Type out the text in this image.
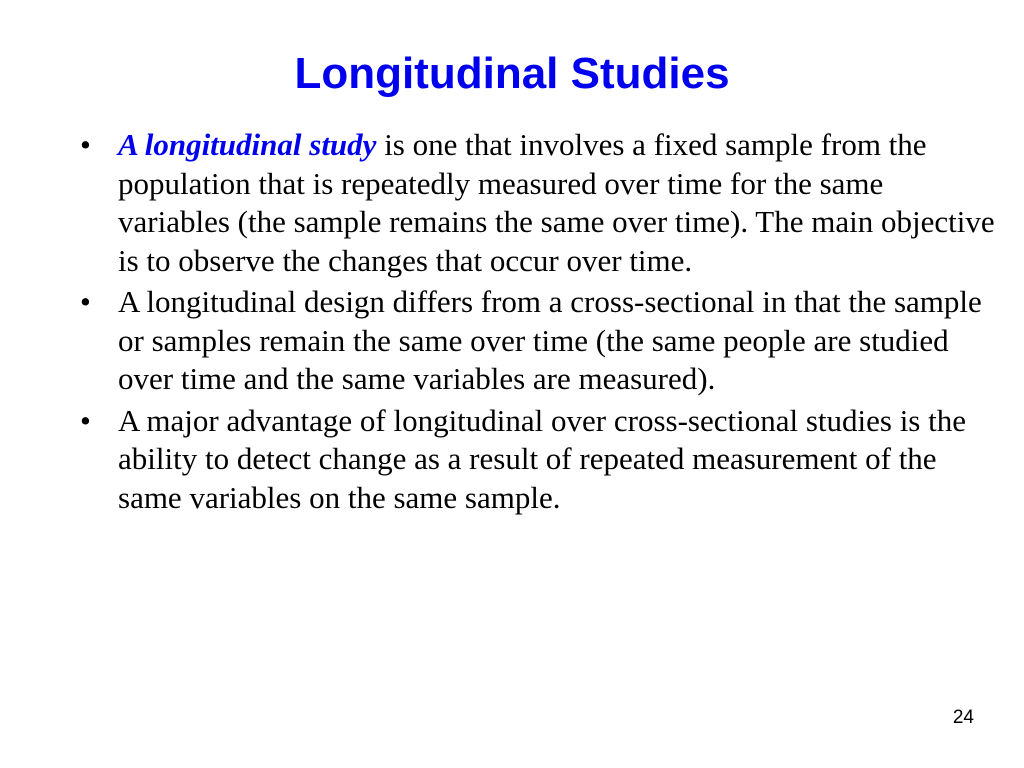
Longitudinal Studies
• A longitudinal study is one that involves a fixed sample from the population that is repeatedly measured over time for the same variables (the sample remains the same over time). The main objective is to observe the changes that occur over time.
• A longitudinal design differs from a cross-sectional in that the sample or samples remain the same over time (the same people are studied over time and the same variables are measured).
• A major advantage of longitudinal over cross-sectional studies is the ability to detect change as a result of repeated measurement of the same variables on the same sample.
24
